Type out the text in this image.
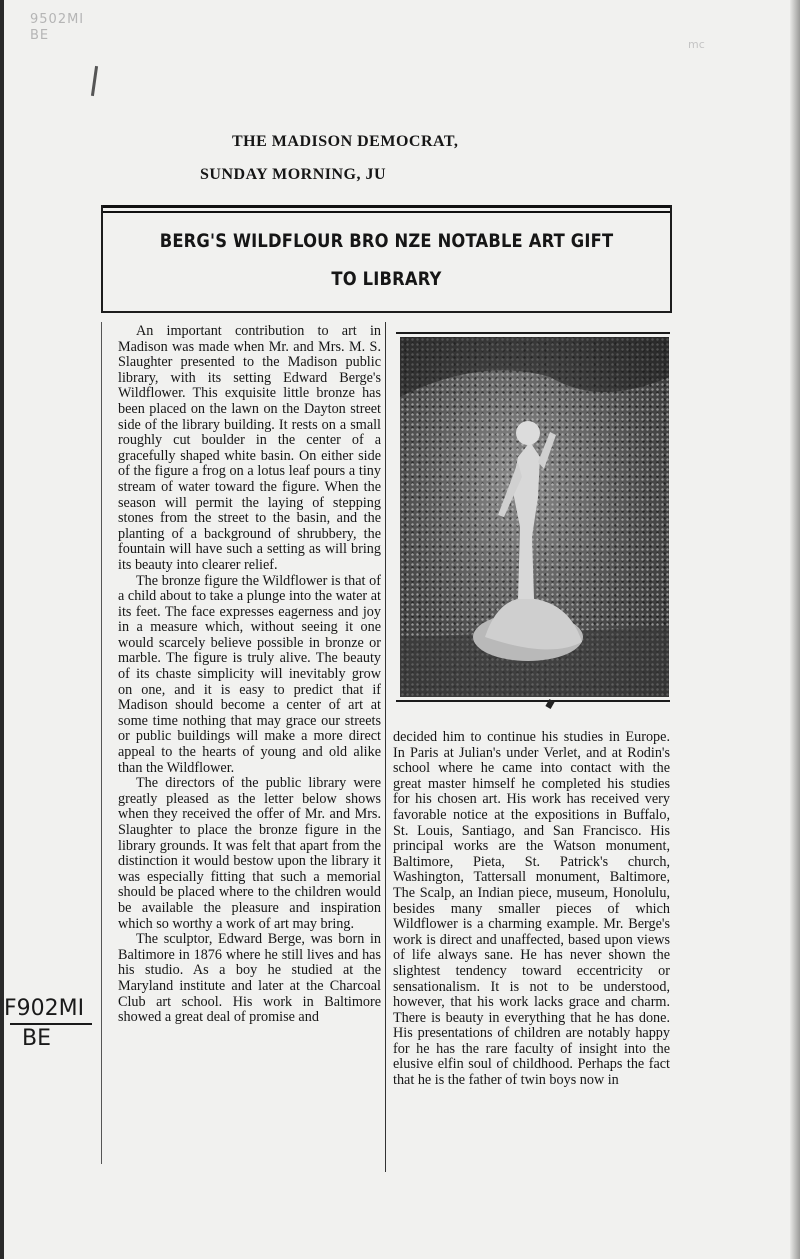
9502MI
BE
mc
THE MADISON DEMOCRAT,
SUNDAY MORNING, JU
BERG'S WILDFLOUR BRO NZE NOTABLE ART GIFT
TO LIBRARY

An important contribution to art in Madison was made when Mr. and Mrs. M. S. Slaughter presented to the Madison public library, with its setting Edward Berge's Wildflower. This exquisite little bronze has been placed on the lawn on the Dayton street side of the library building. It rests on a small roughly cut boulder in the center of a gracefully shaped white basin. On either side of the figure a frog on a lotus leaf pours a tiny stream of water toward the figure. When the season will permit the laying of stepping stones from the street to the basin, and the planting of a background of shrubbery, the fountain will have such a setting as will bring its beauty into clearer relief.

The bronze figure the Wildflower is that of a child about to take a plunge into the water at its feet. The face expresses eagerness and joy in a measure which, without seeing it one would scarcely believe possible in bronze or marble. The figure is truly alive. The beauty of its chaste simplicity will inevitably grow on one, and it is easy to predict that if Madison should become a center of art at some time nothing that may grace our streets or public buildings will make a more direct appeal to the hearts of young and old alike than the Wildflower.

The directors of the public library were greatly pleased as the letter below shows when they received the offer of Mr. and Mrs. Slaughter to place the bronze figure in the library grounds. It was felt that apart from the distinction it would bestow upon the library it was especially fitting that such a memorial should be placed where to the children would be available the pleasure and inspiration which so worthy a work of art may bring.

The sculptor, Edward Berge, was born in Baltimore in 1876 where he still lives and has his studio. As a boy he studied at the Maryland institute and later at the Charcoal Club art school. His work in Baltimore showed a great deal of promise and

decided him to continue his studies in Europe. In Paris at Julian's under Verlet, and at Rodin's school where he came into contact with the great master himself he completed his studies for his chosen art. His work has received very favorable notice at the expositions in Buffalo, St. Louis, Santiago, and San Francisco. His principal works are the Watson monument, Baltimore, Pieta, St. Patrick's church, Washington, Tattersall monument, Baltimore, The Scalp, an Indian piece, museum, Honolulu, besides many smaller pieces of which Wildflower is a charming example. Mr. Berge's work is direct and unaffected, based upon views of life always sane. He has never shown the slightest tendency toward eccentricity or sensationalism. It is not to be understood, however, that his work lacks grace and charm. There is beauty in everything that he has done. His presentations of children are notably happy for he has the rare faculty of insight into the elusive elfin soul of childhood. Perhaps the fact that he is the father of twin boys now in

F902MI
BE
